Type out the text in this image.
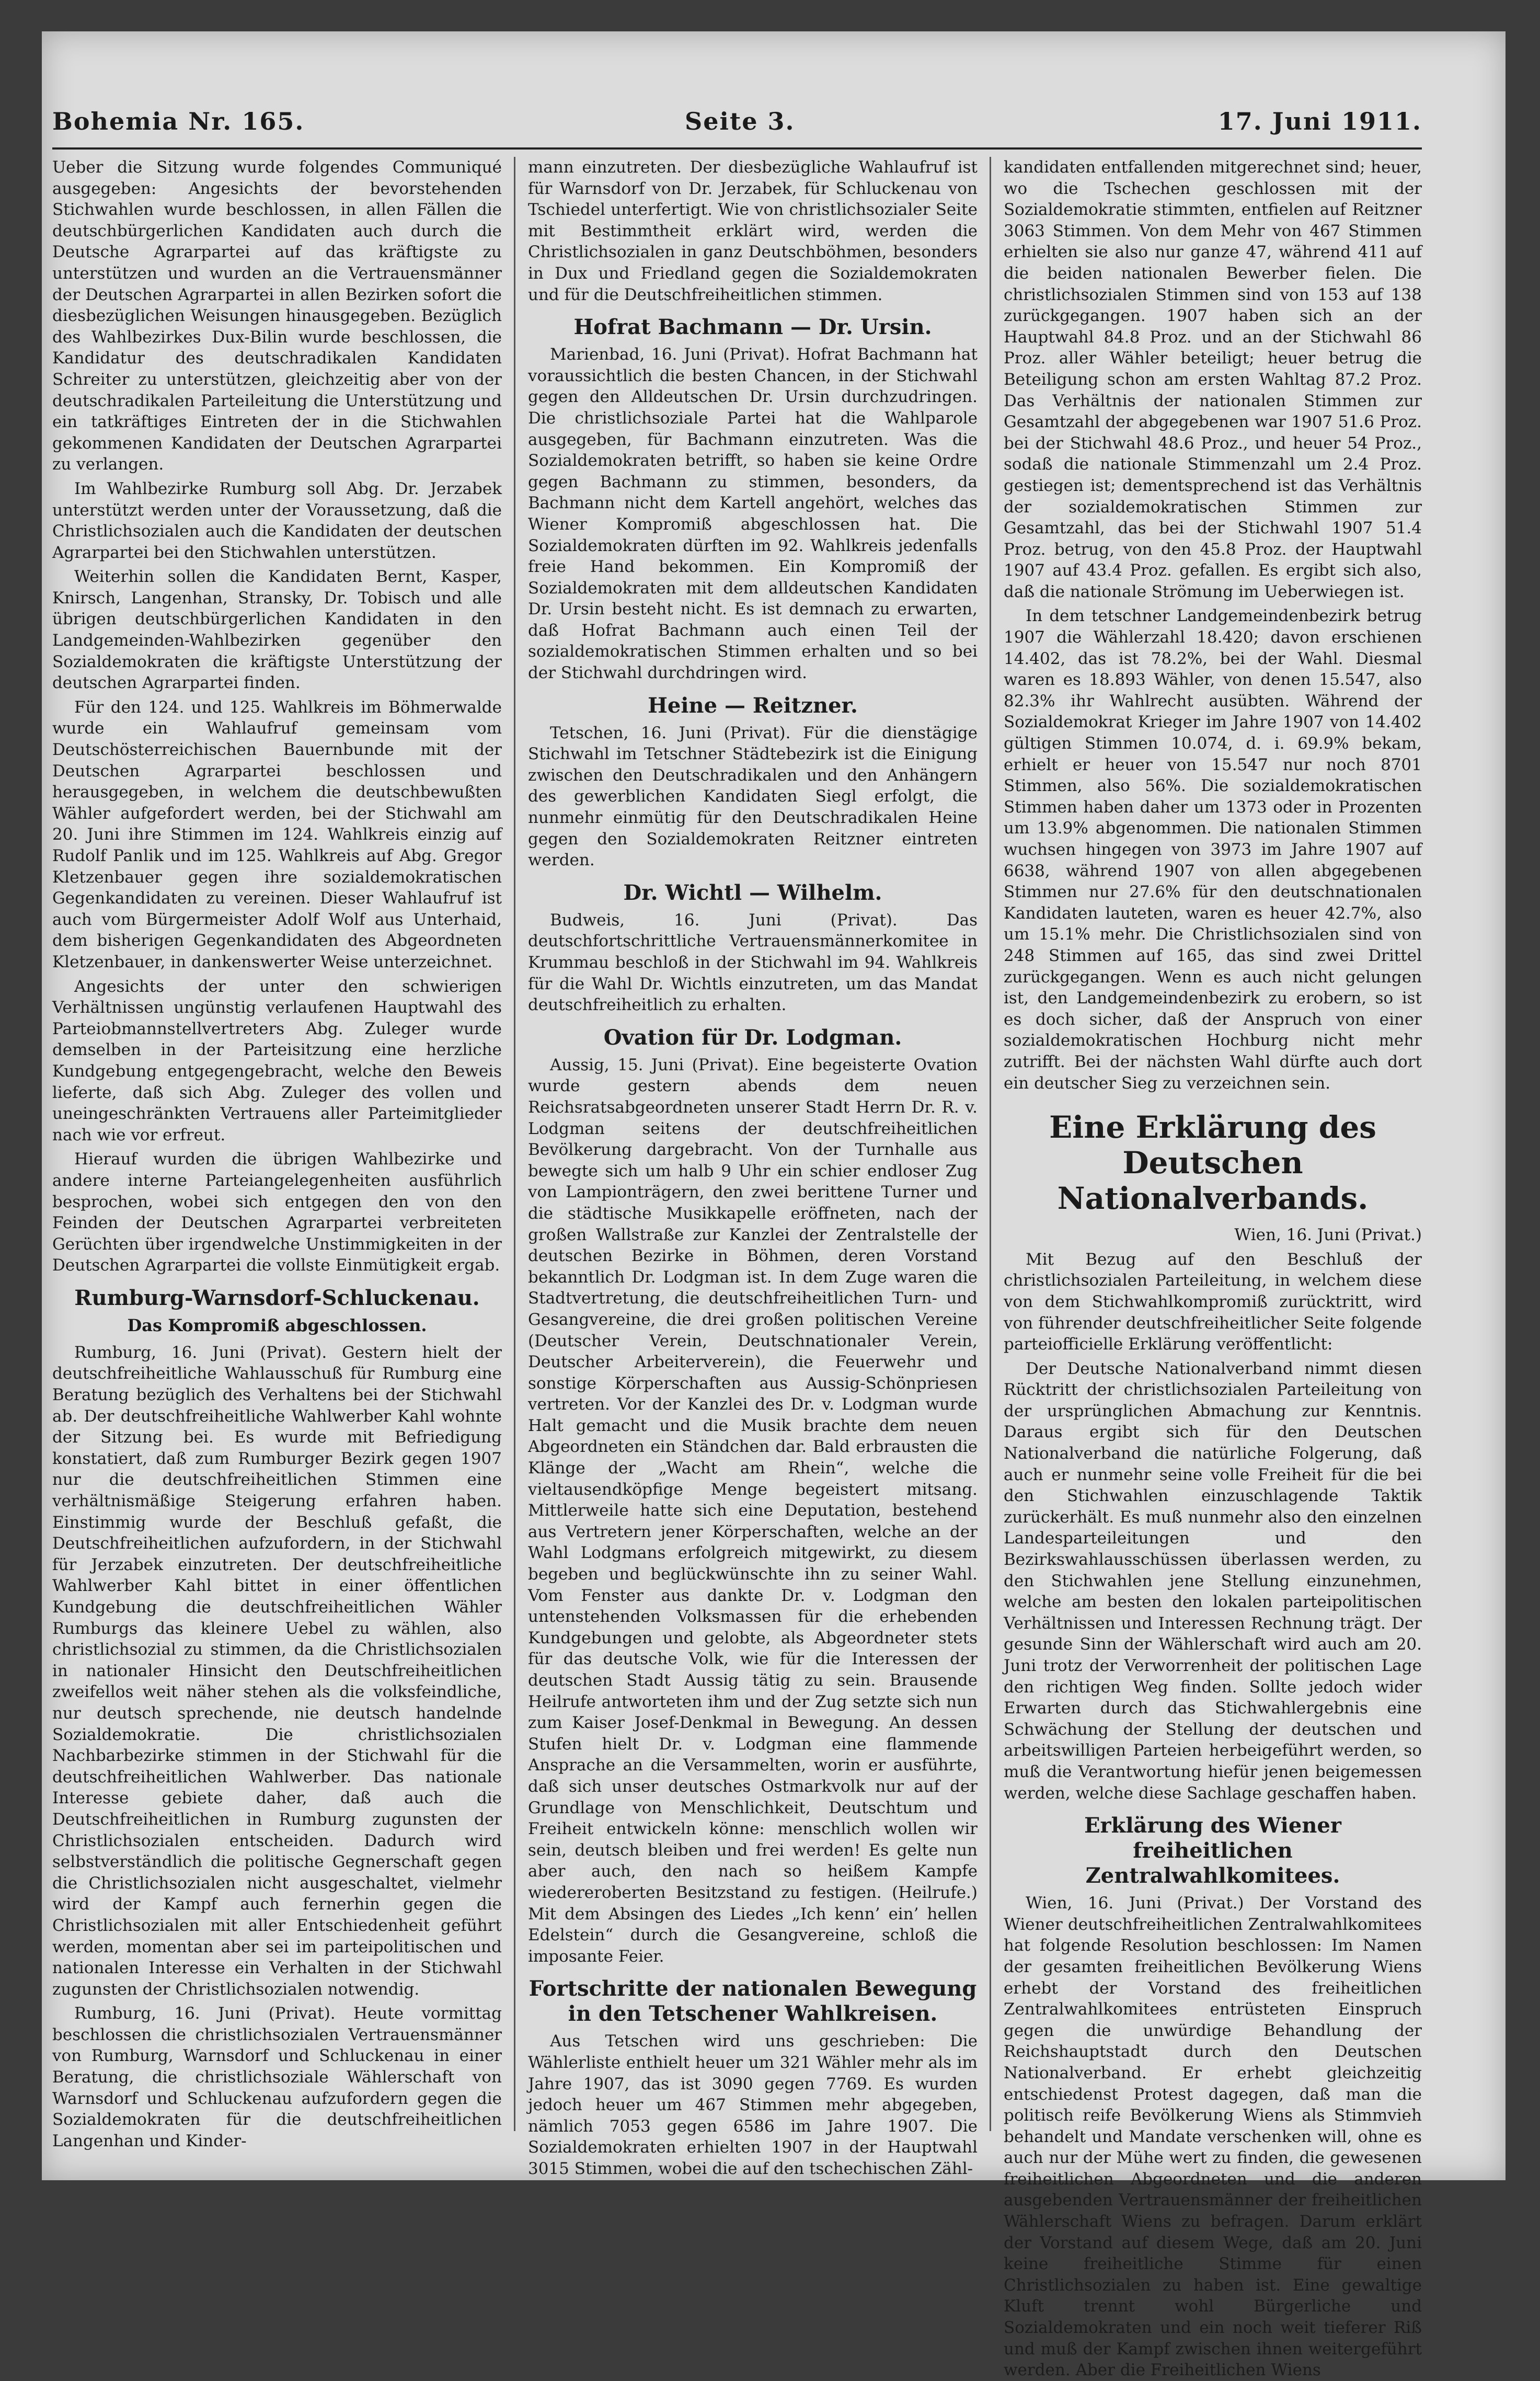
Bohemia Nr. 165.	Seite 3.	17. Juni 1911.

Ueber die Sitzung wurde folgendes Communiqué ausgegeben: Angesichts der bevorstehenden Stichwahlen wurde beschlossen, in allen Fällen die deutschbürgerlichen Kandidaten auch durch die Deutsche Agrarpartei auf das kräftigste zu unterstützen und wurden an die Vertrauensmänner der Deutschen Agrarpartei in allen Bezirken sofort die diesbezüglichen Weisungen hinausgegeben. Bezüglich des Wahlbezirkes Dux-Bilin wurde beschlossen, die Kandidatur des deutschradikalen Kandidaten Schreiter zu unterstützen, gleichzeitig aber von der deutschradikalen Parteileitung die Unterstützung und ein tatkräftiges Eintreten der in die Stichwahlen gekommenen Kandidaten der Deutschen Agrarpartei zu verlangen.

Im Wahlbezirke Rumburg soll Abg. Dr. Jerzabek unterstützt werden unter der Voraussetzung, daß die Christlichsozialen auch die Kandidaten der deutschen Agrarpartei bei den Stichwahlen unterstützen.

Weiterhin sollen die Kandidaten Bernt, Kasper, Knirsch, Langenhan, Stransky, Dr. Tobisch und alle übrigen deutschbürgerlichen Kandidaten in den Landgemeinden-Wahlbezirken gegenüber den Sozialdemokraten die kräftigste Unterstützung der deutschen Agrarpartei finden.

Für den 124. und 125. Wahlkreis im Böhmerwalde wurde ein Wahlaufruf gemeinsam vom Deutschösterreichischen Bauernbunde mit der Deutschen Agrarpartei beschlossen und herausgegeben, in welchem die deutschbewußten Wähler aufgefordert werden, bei der Stichwahl am 20. Juni ihre Stimmen im 124. Wahlkreis einzig auf Rudolf Panlik und im 125. Wahlkreis auf Abg. Gregor Kletzenbauer gegen ihre sozialdemokratischen Gegenkandidaten zu vereinen. Dieser Wahlaufruf ist auch vom Bürgermeister Adolf Wolf aus Unterhaid, dem bisherigen Gegenkandidaten des Abgeordneten Kletzenbauer, in dankenswerter Weise unterzeichnet.

Angesichts der unter den schwierigen Verhältnissen ungünstig verlaufenen Hauptwahl des Parteiobmannstellvertreters Abg. Zuleger wurde demselben in der Parteisitzung eine herzliche Kundgebung entgegengebracht, welche den Beweis lieferte, daß sich Abg. Zuleger des vollen und uneingeschränkten Vertrauens aller Parteimitglieder nach wie vor erfreut.

Hierauf wurden die übrigen Wahlbezirke und andere interne Parteiangelegenheiten ausführlich besprochen, wobei sich entgegen den von den Feinden der Deutschen Agrarpartei verbreiteten Gerüchten über irgendwelche Unstimmigkeiten in der Deutschen Agrarpartei die vollste Einmütigkeit ergab.

Rumburg-Warnsdorf-Schluckenau.
Das Kompromiß abgeschlossen.

Rumburg, 16. Juni (Privat). Gestern hielt der deutschfreiheitliche Wahlausschuß für Rumburg eine Beratung bezüglich des Verhaltens bei der Stichwahl ab. Der deutschfreiheitliche Wahlwerber Kahl wohnte der Sitzung bei. Es wurde mit Befriedigung konstatiert, daß zum Rumburger Bezirk gegen 1907 nur die deutschfreiheitlichen Stimmen eine verhältnismäßige Steigerung erfahren haben. Einstimmig wurde der Beschluß gefaßt, die Deutschfreiheitlichen aufzufordern, in der Stichwahl für Jerzabek einzutreten. Der deutschfreiheitliche Wahlwerber Kahl bittet in einer öffentlichen Kundgebung die deutschfreiheitlichen Wähler Rumburgs das kleinere Uebel zu wählen, also christlichsozial zu stimmen, da die Christlichsozialen in nationaler Hinsicht den Deutschfreiheitlichen zweifellos weit näher stehen als die volksfeindliche, nur deutsch sprechende, nie deutsch handelnde Sozialdemokratie. Die christlichsozialen Nachbarbezirke stimmen in der Stichwahl für die deutschfreiheitlichen Wahlwerber. Das nationale Interesse gebiete daher, daß auch die Deutschfreiheitlichen in Rumburg zugunsten der Christlichsozialen entscheiden. Dadurch wird selbstverständlich die politische Gegnerschaft gegen die Christlichsozialen nicht ausgeschaltet, vielmehr wird der Kampf auch fernerhin gegen die Christlichsozialen mit aller Entschiedenheit geführt werden, momentan aber sei im parteipolitischen und nationalen Interesse ein Verhalten in der Stichwahl zugunsten der Christlichsozialen notwendig.

Rumburg, 16. Juni (Privat). Heute vormittag beschlossen die christlichsozialen Vertrauensmänner von Rumburg, Warnsdorf und Schluckenau in einer Beratung, die christlichsoziale Wählerschaft von Warnsdorf und Schluckenau aufzufordern gegen die Sozialdemokraten für die deutschfreiheitlichen Langenhan und Kinder-

mann einzutreten. Der diesbezügliche Wahlaufruf ist für Warnsdorf von Dr. Jerzabek, für Schluckenau von Tschiedel unterfertigt. Wie von christlichsozialer Seite mit Bestimmtheit erklärt wird, werden die Christlichsozialen in ganz Deutschböhmen, besonders in Dux und Friedland gegen die Sozialdemokraten und für die Deutschfreiheitlichen stimmen.

Hofrat Bachmann — Dr. Ursin.

Marienbad, 16. Juni (Privat). Hofrat Bachmann hat voraussichtlich die besten Chancen, in der Stichwahl gegen den Alldeutschen Dr. Ursin durchzudringen. Die christlichsoziale Partei hat die Wahlparole ausgegeben, für Bachmann einzutreten. Was die Sozialdemokraten betrifft, so haben sie keine Ordre gegen Bachmann zu stimmen, besonders, da Bachmann nicht dem Kartell angehört, welches das Wiener Kompromiß abgeschlossen hat. Die Sozialdemokraten dürften im 92. Wahlkreis jedenfalls freie Hand bekommen. Ein Kompromiß der Sozialdemokraten mit dem alldeutschen Kandidaten Dr. Ursin besteht nicht. Es ist demnach zu erwarten, daß Hofrat Bachmann auch einen Teil der sozialdemokratischen Stimmen erhalten und so bei der Stichwahl durchdringen wird.

Heine — Reitzner.

Tetschen, 16. Juni (Privat). Für die dienstägige Stichwahl im Tetschner Städtebezirk ist die Einigung zwischen den Deutschradikalen und den Anhängern des gewerblichen Kandidaten Siegl erfolgt, die nunmehr einmütig für den Deutschradikalen Heine gegen den Sozialdemokraten Reitzner eintreten werden.

Dr. Wichtl — Wilhelm.

Budweis, 16. Juni (Privat). Das deutschfortschrittliche Vertrauensmännerkomitee in Krummau beschloß in der Stichwahl im 94. Wahlkreis für die Wahl Dr. Wichtls einzutreten, um das Mandat deutschfreiheitlich zu erhalten.

Ovation für Dr. Lodgman.

Aussig, 15. Juni (Privat). Eine begeisterte Ovation wurde gestern abends dem neuen Reichsratsabgeordneten unserer Stadt Herrn Dr. R. v. Lodgman seitens der deutschfreiheitlichen Bevölkerung dargebracht. Von der Turnhalle aus bewegte sich um halb 9 Uhr ein schier endloser Zug von Lampionträgern, den zwei berittene Turner und die städtische Musikkapelle eröffneten, nach der großen Wallstraße zur Kanzlei der Zentralstelle der deutschen Bezirke in Böhmen, deren Vorstand bekanntlich Dr. Lodgman ist. In dem Zuge waren die Stadtvertretung, die deutschfreiheitlichen Turn- und Gesangvereine, die drei großen politischen Vereine (Deutscher Verein, Deutschnationaler Verein, Deutscher Arbeiterverein), die Feuerwehr und sonstige Körperschaften aus Aussig-Schönpriesen vertreten. Vor der Kanzlei des Dr. v. Lodgman wurde Halt gemacht und die Musik brachte dem neuen Abgeordneten ein Ständchen dar. Bald erbrausten die Klänge der „Wacht am Rhein“, welche die vieltausendköpfige Menge begeistert mitsang. Mittlerweile hatte sich eine Deputation, bestehend aus Vertretern jener Körperschaften, welche an der Wahl Lodgmans erfolgreich mitgewirkt, zu diesem begeben und beglückwünschte ihn zu seiner Wahl. Vom Fenster aus dankte Dr. v. Lodgman den untenstehenden Volksmassen für die erhebenden Kundgebungen und gelobte, als Abgeordneter stets für das deutsche Volk, wie für die Interessen der deutschen Stadt Aussig tätig zu sein. Brausende Heilrufe antworteten ihm und der Zug setzte sich nun zum Kaiser Josef-Denkmal in Bewegung. An dessen Stufen hielt Dr. v. Lodgman eine flammende Ansprache an die Versammelten, worin er ausführte, daß sich unser deutsches Ostmarkvolk nur auf der Grundlage von Menschlichkeit, Deutschtum und Freiheit entwickeln könne: menschlich wollen wir sein, deutsch bleiben und frei werden! Es gelte nun aber auch, den nach so heißem Kampfe wiedereroberten Besitzstand zu festigen. (Heilrufe.) Mit dem Absingen des Liedes „Ich kenn’ ein’ hellen Edelstein“ durch die Gesangvereine, schloß die imposante Feier.

Fortschritte der nationalen Bewegung in den Tetschener Wahlkreisen.

Aus Tetschen wird uns geschrieben: Die Wählerliste enthielt heuer um 321 Wähler mehr als im Jahre 1907, das ist 3090 gegen 7769. Es wurden jedoch heuer um 467 Stimmen mehr abgegeben, nämlich 7053 gegen 6586 im Jahre 1907. Die Sozialdemokraten erhielten 1907 in der Hauptwahl 3015 Stimmen, wobei die auf den tschechischen Zähl-

kandidaten entfallenden mitgerechnet sind; heuer, wo die Tschechen geschlossen mit der Sozialdemokratie stimmten, entfielen auf Reitzner 3063 Stimmen. Von dem Mehr von 467 Stimmen erhielten sie also nur ganze 47, während 411 auf die beiden nationalen Bewerber fielen. Die christlichsozialen Stimmen sind von 153 auf 138 zurückgegangen. 1907 haben sich an der Hauptwahl 84.8 Proz. und an der Stichwahl 86 Proz. aller Wähler beteiligt; heuer betrug die Beteiligung schon am ersten Wahltag 87.2 Proz. Das Verhältnis der nationalen Stimmen zur Gesamtzahl der abgegebenen war 1907 51.6 Proz. bei der Stichwahl 48.6 Proz., und heuer 54 Proz., sodaß die nationale Stimmenzahl um 2.4 Proz. gestiegen ist; dementsprechend ist das Verhältnis der sozialdemokratischen Stimmen zur Gesamtzahl, das bei der Stichwahl 1907 51.4 Proz. betrug, von den 45.8 Proz. der Hauptwahl 1907 auf 43.4 Proz. gefallen. Es ergibt sich also, daß die nationale Strömung im Ueberwiegen ist.

In dem tetschner Landgemeindenbezirk betrug 1907 die Wählerzahl 18.420; davon erschienen 14.402, das ist 78.2%, bei der Wahl. Diesmal waren es 18.893 Wähler, von denen 15.547, also 82.3% ihr Wahlrecht ausübten. Während der Sozialdemokrat Krieger im Jahre 1907 von 14.402 gültigen Stimmen 10.074, d. i. 69.9% bekam, erhielt er heuer von 15.547 nur noch 8701 Stimmen, also 56%. Die sozialdemokratischen Stimmen haben daher um 1373 oder in Prozenten um 13.9% abgenommen. Die nationalen Stimmen wuchsen hingegen von 3973 im Jahre 1907 auf 6638, während 1907 von allen abgegebenen Stimmen nur 27.6% für den deutschnationalen Kandidaten lauteten, waren es heuer 42.7%, also um 15.1% mehr. Die Christlichsozialen sind von 248 Stimmen auf 165, das sind zwei Drittel zurückgegangen. Wenn es auch nicht gelungen ist, den Landgemeindenbezirk zu erobern, so ist es doch sicher, daß der Anspruch von einer sozialdemokratischen Hochburg nicht mehr zutrifft. Bei der nächsten Wahl dürfte auch dort ein deutscher Sieg zu verzeichnen sein.

Eine Erklärung des Deutschen Nationalverbands.

Wien, 16. Juni (Privat.)

Mit Bezug auf den Beschluß der christlichsozialen Parteileitung, in welchem diese von dem Stichwahlkompromiß zurücktritt, wird von führender deutschfreiheitlicher Seite folgende parteiofficielle Erklärung veröffentlicht:

Der Deutsche Nationalverband nimmt diesen Rücktritt der christlichsozialen Parteileitung von der ursprünglichen Abmachung zur Kenntnis. Daraus ergibt sich für den Deutschen Nationalverband die natürliche Folgerung, daß auch er nunmehr seine volle Freiheit für die bei den Stichwahlen einzuschlagende Taktik zurückerhält. Es muß nunmehr also den einzelnen Landesparteileitungen und den Bezirkswahlausschüssen überlassen werden, zu den Stichwahlen jene Stellung einzunehmen, welche am besten den lokalen parteipolitischen Verhältnissen und Interessen Rechnung trägt. Der gesunde Sinn der Wählerschaft wird auch am 20. Juni trotz der Verworrenheit der politischen Lage den richtigen Weg finden. Sollte jedoch wider Erwarten durch das Stichwahlergebnis eine Schwächung der Stellung der deutschen und arbeitswilligen Parteien herbeigeführt werden, so muß die Verantwortung hiefür jenen beigemessen werden, welche diese Sachlage geschaffen haben.

Erklärung des Wiener freiheitlichen Zentralwahlkomitees.

Wien, 16. Juni (Privat.) Der Vorstand des Wiener deutschfreiheitlichen Zentralwahlkomitees hat folgende Resolution beschlossen: Im Namen der gesamten freiheitlichen Bevölkerung Wiens erhebt der Vorstand des freiheitlichen Zentralwahlkomitees entrüsteten Einspruch gegen die unwürdige Behandlung der Reichshauptstadt durch den Deutschen Nationalverband. Er erhebt gleichzeitig entschiedenst Protest dagegen, daß man die politisch reife Bevölkerung Wiens als Stimmvieh behandelt und Mandate verschenken will, ohne es auch nur der Mühe wert zu finden, die gewesenen freiheitlichen Abgeordneten und die anderen ausgebenden Vertrauensmänner der freiheitlichen Wählerschaft Wiens zu befragen. Darum erklärt der Vorstand auf diesem Wege, daß am 20. Juni keine freiheitliche Stimme für einen Christlichsozialen zu haben ist. Eine gewaltige Kluft trennt wohl Bürgerliche und Sozialdemokraten und ein noch weit tieferer Riß und muß der Kampf zwischen ihnen weitergeführt werden. Aber die Freiheitlichen Wiens
